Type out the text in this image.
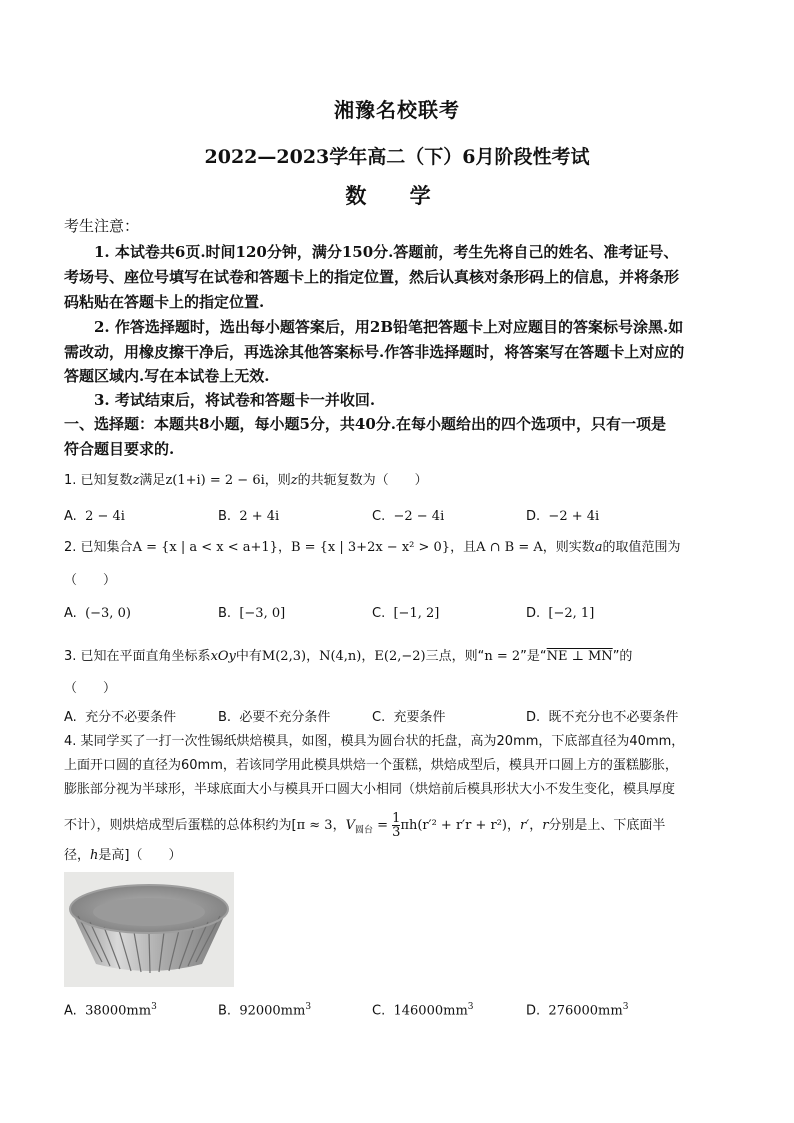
湘豫名校联考
2022—2023学年高二（下）6月阶段性考试
数 学
考生注意：
1. 本试卷共6页.时间120分钟，满分150分.答题前，考生先将自己的姓名、准考证号、
考场号、座位号填写在试卷和答题卡上的指定位置，然后认真核对条形码上的信息，并将条形
码粘贴在答题卡上的指定位置.
2. 作答选择题时，选出每小题答案后，用2B铅笔把答题卡上对应题目的答案标号涂黑.如
需改动，用橡皮擦干净后，再选涂其他答案标号.作答非选择题时，将答案写在答题卡上对应的
答题区域内.写在本试卷上无效.
3. 考试结束后，将试卷和答题卡一并收回.
一、选择题：本题共8小题，每小题5分，共40分.在每小题给出的四个选项中，只有一项是
符合题目要求的.
1. 已知复数z满足z(1+i) = 2 − 6i，则z的共轭复数为（　　）
A. 2 − 4i	B. 2 + 4i	C. −2 − 4i	D. −2 + 4i
2. 已知集合A = {x | a < x < a+1}，B = {x | 3+2x − x² > 0}，且A ∩ B = A，则实数a的取值范围为
（　　）
A. (−3, 0)	B. [−3, 0]	C. [−1, 2]	D. [−2, 1]
3. 已知在平面直角坐标系xOy中有M(2,3)，N(4,n)，E(2,−2)三点，则“n = 2”是“NE ⊥ MN”的
（　　）
A. 充分不必要条件	B. 必要不充分条件	C. 充要条件	D. 既不充分也不必要条件
4. 某同学买了一打一次性锡纸烘焙模具，如图，模具为圆台状的托盘，高为20mm，下底部直径为40mm，
上面开口圆的直径为60mm，若该同学用此模具烘焙一个蛋糕，烘焙成型后，模具开口圆上方的蛋糕膨胀，
膨胀部分视为半球形，半球底面大小与模具开口圆大小相同（烘焙前后模具形状大小不发生变化，模具厚度
不计），则烘焙成型后蛋糕的总体积约为[π ≈ 3，$V_{圆台} = \frac{1}{3} \pi h(r'^2 + r'r + r^2)$，r′，r分别是上、下底面半
径，h是高]（　　）
A. $38000mm^3$	B. $92000mm^3$	C. $146000mm^3$	D. $276000mm^3$
